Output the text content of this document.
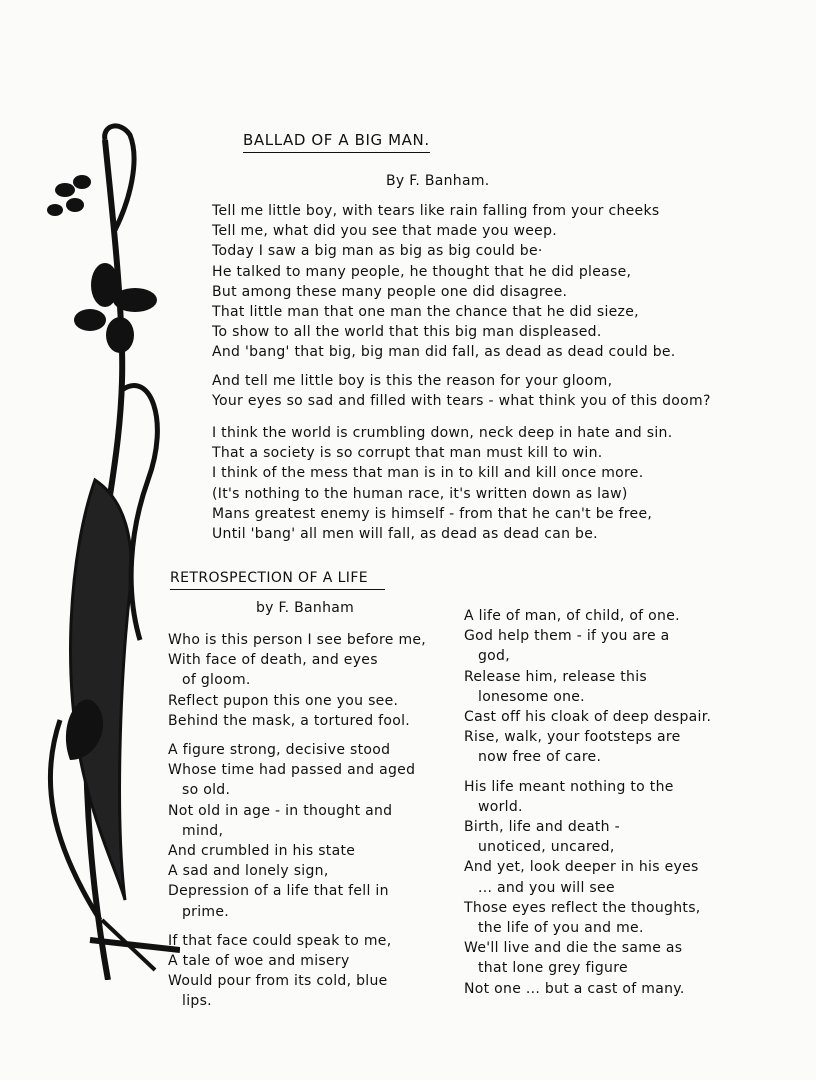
BALLAD OF A BIG MAN.
By F. Banham.
Tell me little boy, with tears like rain falling from your cheeks
Tell me, what did you see that made you weep.
Today I saw a big man as big as big could be·
He talked to many people, he thought that he did please,
But among these many people one did disagree.
That little man that one man the chance that he did sieze,
To show to all the world that this big man displeased.
And 'bang' that big, big man did fall, as dead as dead could be.
And tell me little boy is this the reason for your gloom,
Your eyes so sad and filled with tears - what think you of this doom?
I think the world is crumbling down, neck deep in hate and sin.
That a society is so corrupt that man must kill to win.
I think of the mess that man is in to kill and kill once more.
(It's nothing to the human race, it's written down as law)
Mans greatest enemy is himself - from that he can't be free,
Until 'bang' all men will fall, as dead as dead can be.
RETROSPECTION OF A LIFE
by F. Banham
Who is this person I see before me,
With face of death, and eyes
of gloom.
Reflect pupon this one you see.
Behind the mask, a tortured fool.
A figure strong, decisive stood
Whose time had passed and aged
so old.
Not old in age - in thought and
mind,
And crumbled in his state
A sad and lonely sign,
Depression of a life that fell in
prime.
If that face could speak to me,
A tale of woe and misery
Would pour from its cold, blue
lips.
A life of man, of child, of one.
God help them - if you are a
god,
Release him, release this
lonesome one.
Cast off his cloak of deep despair.
Rise, walk, your footsteps are
now free of care.
His life meant nothing to the
world.
Birth, life and death -
unoticed, uncared,
And yet, look deeper in his eyes
... and you will see
Those eyes reflect the thoughts,
the life of you and me.
We'll live and die the same as
that lone grey figure
Not one ... but a cast of many.
